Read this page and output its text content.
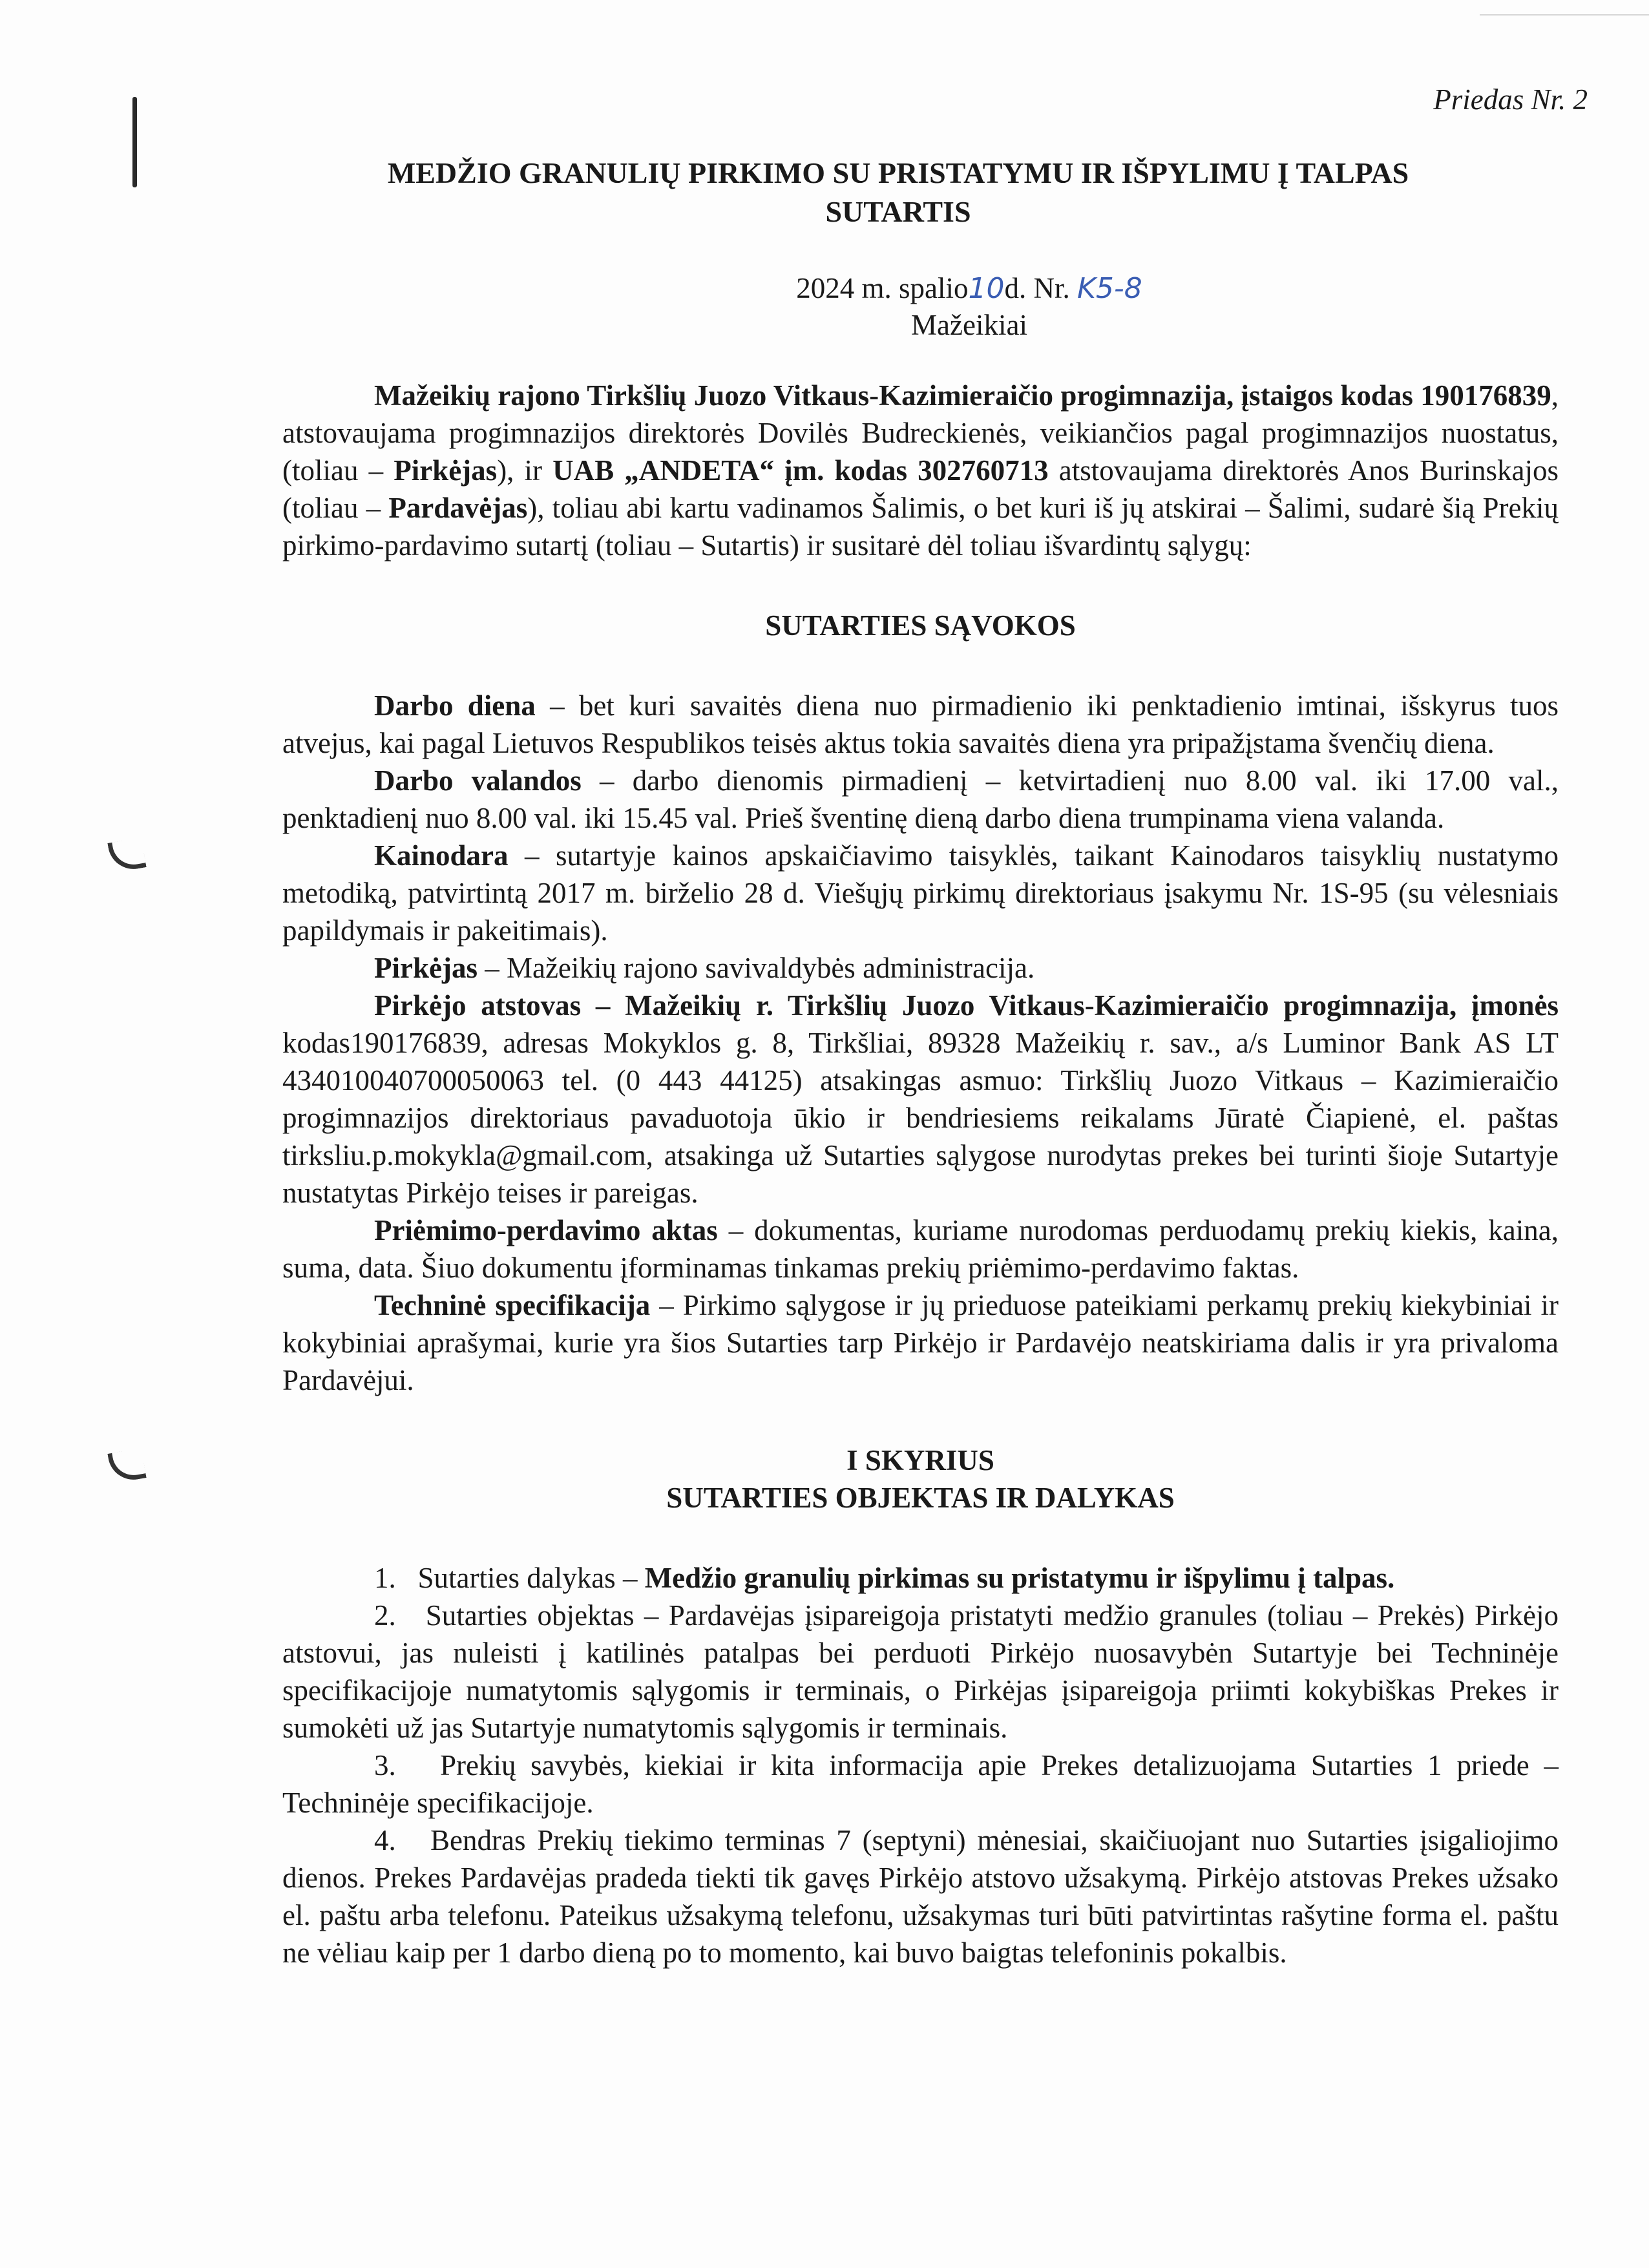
Priedas Nr. 2
MEDŽIO GRANULIŲ PIRKIMO SU PRISTATYMU IR IŠPYLIMU Į TALPAS
SUTARTIS
2024 m. spalio10d. Nr. K5-8
Mažeikiai

Mažeikių rajono Tirkšlių Juozo Vitkaus-Kazimieraičio progimnazija, įstaigos kodas 190176839, atstovaujama progimnazijos direktorės Dovilės Budreckienės, veikiančios pagal progimnazijos nuostatus, (toliau – Pirkėjas), ir UAB „ANDETA“ įm. kodas 302760713 atstovaujama direktorės Anos Burinskajos (toliau – Pardavėjas), toliau abi kartu vadinamos Šalimis, o bet kuri iš jų atskirai – Šalimi, sudarė šią Prekių pirkimo-pardavimo sutartį (toliau – Sutartis) ir susitarė dėl toliau išvardintų sąlygų:

SUTARTIES SĄVOKOS

Darbo diena – bet kuri savaitės diena nuo pirmadienio iki penktadienio imtinai, išskyrus tuos atvejus, kai pagal Lietuvos Respublikos teisės aktus tokia savaitės diena yra pripažįstama švenčių diena.

Darbo valandos – darbo dienomis pirmadienį – ketvirtadienį nuo 8.00 val. iki 17.00 val., penktadienį nuo 8.00 val. iki 15.45 val. Prieš šventinę dieną darbo diena trumpinama viena valanda.

Kainodara – sutartyje kainos apskaičiavimo taisyklės, taikant Kainodaros taisyklių nustatymo metodiką, patvirtintą 2017 m. birželio 28 d. Viešųjų pirkimų direktoriaus įsakymu Nr. 1S-95 (su vėlesniais papildymais ir pakeitimais).

Pirkėjas – Mažeikių rajono savivaldybės administracija.

Pirkėjo atstovas – Mažeikių r. Tirkšlių Juozo Vitkaus-Kazimieraičio progimnazija, įmonės kodas190176839, adresas Mokyklos g. 8, Tirkšliai, 89328 Mažeikių r. sav., a/s Luminor Bank AS LT 434010040700050063 tel. (0 443 44125) atsakingas asmuo: Tirkšlių Juozo Vitkaus – Kazimieraičio progimnazijos direktoriaus pavaduotoja ūkio ir bendriesiems reikalams Jūratė Čiapienė, el. paštas tirksliu.p.mokykla@gmail.com, atsakinga už Sutarties sąlygose nurodytas prekes bei turinti šioje Sutartyje nustatytas Pirkėjo teises ir pareigas.

Priėmimo-perdavimo aktas – dokumentas, kuriame nurodomas perduodamų prekių kiekis, kaina, suma, data. Šiuo dokumentu įforminamas tinkamas prekių priėmimo-perdavimo faktas.

Techninė specifikacija – Pirkimo sąlygose ir jų prieduose pateikiami perkamų prekių kiekybiniai ir kokybiniai aprašymai, kurie yra šios Sutarties tarp Pirkėjo ir Pardavėjo neatskiriama dalis ir yra privaloma Pardavėjui.

I SKYRIUS

SUTARTIES OBJEKTAS IR DALYKAS

1. Sutarties dalykas – Medžio granulių pirkimas su pristatymu ir išpylimu į talpas.

2. Sutarties objektas – Pardavėjas įsipareigoja pristatyti medžio granules (toliau – Prekės) Pirkėjo atstovui, jas nuleisti į katilinės patalpas bei perduoti Pirkėjo nuosavybėn Sutartyje bei Techninėje specifikacijoje numatytomis sąlygomis ir terminais, o Pirkėjas įsipareigoja priimti kokybiškas Prekes ir sumokėti už jas Sutartyje numatytomis sąlygomis ir terminais.

3. Prekių savybės, kiekiai ir kita informacija apie Prekes detalizuojama Sutarties 1 priede – Techninėje specifikacijoje.

4. Bendras Prekių tiekimo terminas 7 (septyni) mėnesiai, skaičiuojant nuo Sutarties įsigaliojimo dienos. Prekes Pardavėjas pradeda tiekti tik gavęs Pirkėjo atstovo užsakymą. Pirkėjo atstovas Prekes užsako el. paštu arba telefonu. Pateikus užsakymą telefonu, užsakymas turi būti patvirtintas rašytine forma el. paštu ne vėliau kaip per 1 darbo dieną po to momento, kai buvo baigtas telefoninis pokalbis.
